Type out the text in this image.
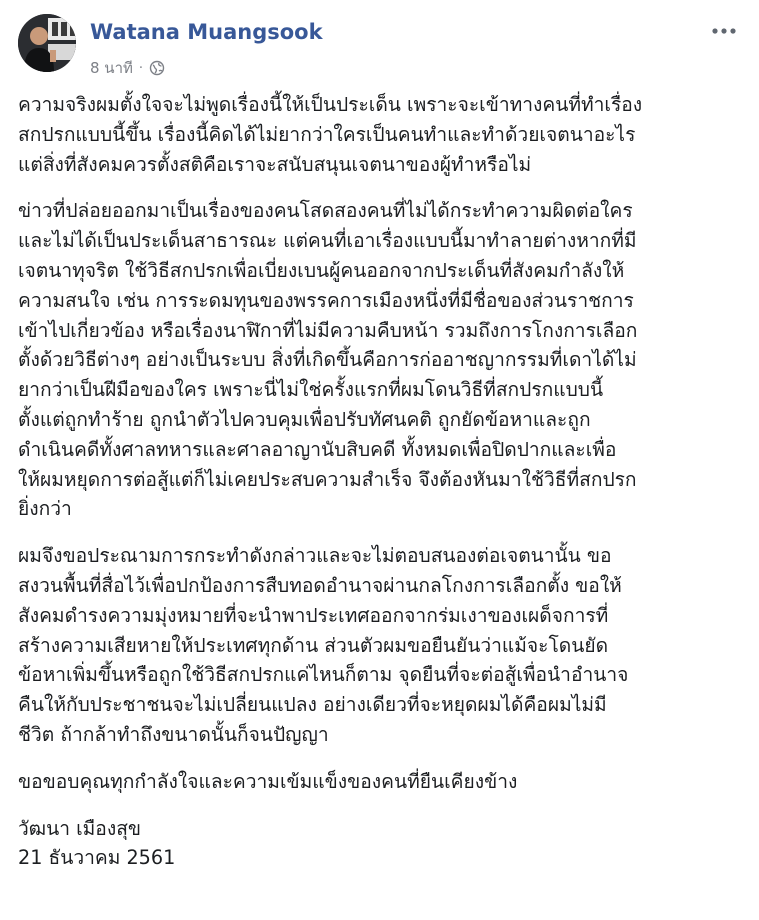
Watana Muangsook
8 นาที ·

ความจริงผมตั้งใจจะไม่พูดเรื่องนี้ให้เป็นประเด็น เพราะจะเข้าทางคนที่ทำเรื่อง
สกปรกแบบนี้ขึ้น เรื่องนี้คิดได้ไม่ยากว่าใครเป็นคนทำและทำด้วยเจตนาอะไร
แต่สิ่งที่สังคมควรตั้งสติคือเราจะสนับสนุนเจตนาของผู้ทำหรือไม่

ข่าวที่ปล่อยออกมาเป็นเรื่องของคนโสดสองคนที่ไม่ได้กระทำความผิดต่อใคร
และไม่ได้เป็นประเด็นสาธารณะ แต่คนที่เอาเรื่องแบบนี้มาทำลายต่างหากที่มี
เจตนาทุจริต ใช้วิธีสกปรกเพื่อเบี่ยงเบนผู้คนออกจากประเด็นที่สังคมกำลังให้
ความสนใจ เช่น การระดมทุนของพรรคการเมืองหนึ่งที่มีชื่อของส่วนราชการ
เข้าไปเกี่ยวข้อง หรือเรื่องนาฬิกาที่ไม่มีความคืบหน้า รวมถึงการโกงการเลือก
ตั้งด้วยวิธีต่างๆ อย่างเป็นระบบ สิ่งที่เกิดขึ้นคือการก่ออาชญากรรมที่เดาได้ไม่
ยากว่าเป็นฝีมือของใคร เพราะนี่ไม่ใช่ครั้งแรกที่ผมโดนวิธีที่สกปรกแบบนี้
ตั้งแต่ถูกทำร้าย ถูกนำตัวไปควบคุมเพื่อปรับทัศนคติ ถูกยัดข้อหาและถูก
ดำเนินคดีทั้งศาลทหารและศาลอาญานับสิบคดี ทั้งหมดเพื่อปิดปากและเพื่อ
ให้ผมหยุดการต่อสู้แต่ก็ไม่เคยประสบความสำเร็จ จึงต้องหันมาใช้วิธีที่สกปรก
ยิ่งกว่า

ผมจึงขอประณามการกระทำดังกล่าวและจะไม่ตอบสนองต่อเจตนานั้น ขอ
สงวนพื้นที่สื่อไว้เพื่อปกป้องการสืบทอดอำนาจผ่านกลโกงการเลือกตั้ง ขอให้
สังคมดำรงความมุ่งหมายที่จะนำพาประเทศออกจากร่มเงาของเผด็จการที่
สร้างความเสียหายให้ประเทศทุกด้าน ส่วนตัวผมขอยืนยันว่าแม้จะโดนยัด
ข้อหาเพิ่มขึ้นหรือถูกใช้วิธีสกปรกแค่ไหนก็ตาม จุดยืนที่จะต่อสู้เพื่อนำอำนาจ
คืนให้กับประชาชนจะไม่เปลี่ยนแปลง อย่างเดียวที่จะหยุดผมได้คือผมไม่มี
ชีวิต ถ้ากล้าทำถึงขนาดนั้นก็จนปัญญา

ขอขอบคุณทุกกำลังใจและความเข้มแข็งของคนที่ยืนเคียงข้าง

วัฒนา เมืองสุข
21 ธันวาคม 2561
